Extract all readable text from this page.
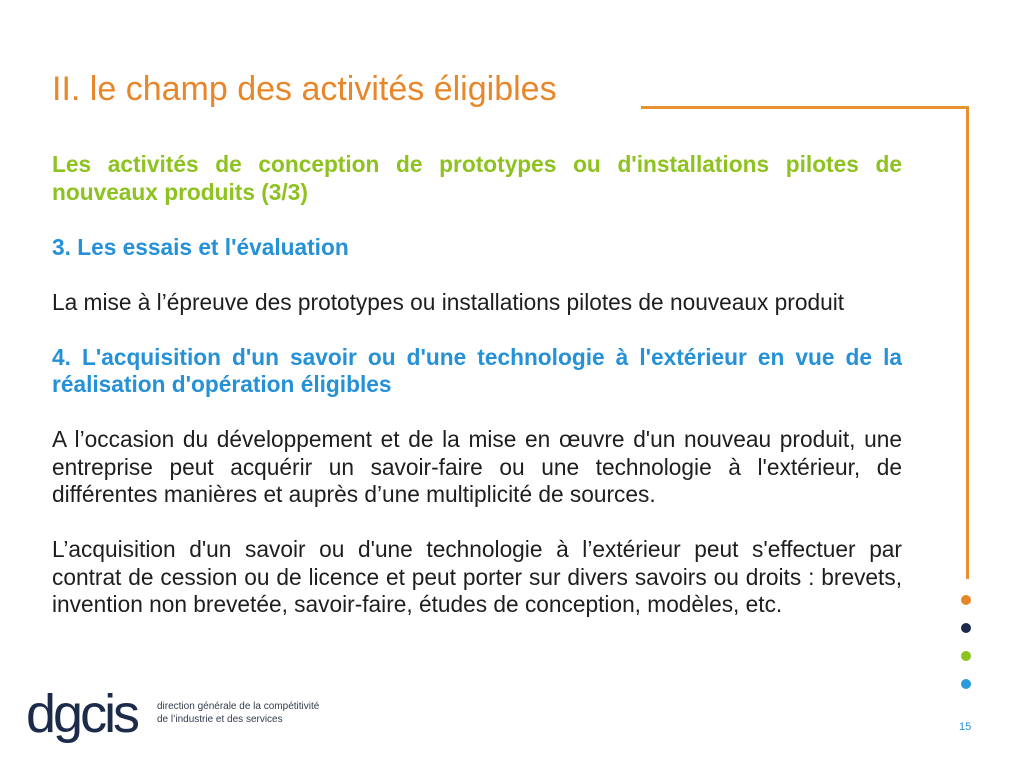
II. le champ des activités éligibles

Les activités de conception de prototypes ou d'installations pilotes de nouveaux produits (3/3)

3. Les essais et l'évaluation

La mise à l’épreuve des prototypes ou installations pilotes de nouveaux produit

4. L'acquisition d'un savoir ou d'une technologie à l'extérieur en vue de la réalisation d'opération éligibles

A l’occasion du développement et de la mise en œuvre d'un nouveau produit, une entreprise peut acquérir un savoir-faire ou une technologie à l'extérieur, de différentes manières et auprès d’une multiplicité de sources.

L’acquisition d'un savoir ou d'une technologie à l’extérieur peut s'effectuer par contrat de cession ou de licence et peut porter sur divers savoirs ou droits : brevets, invention non brevetée, savoir-faire, études de conception, modèles, etc.

dgcis direction générale de la compétitivité
de l’industrie et des services
15
